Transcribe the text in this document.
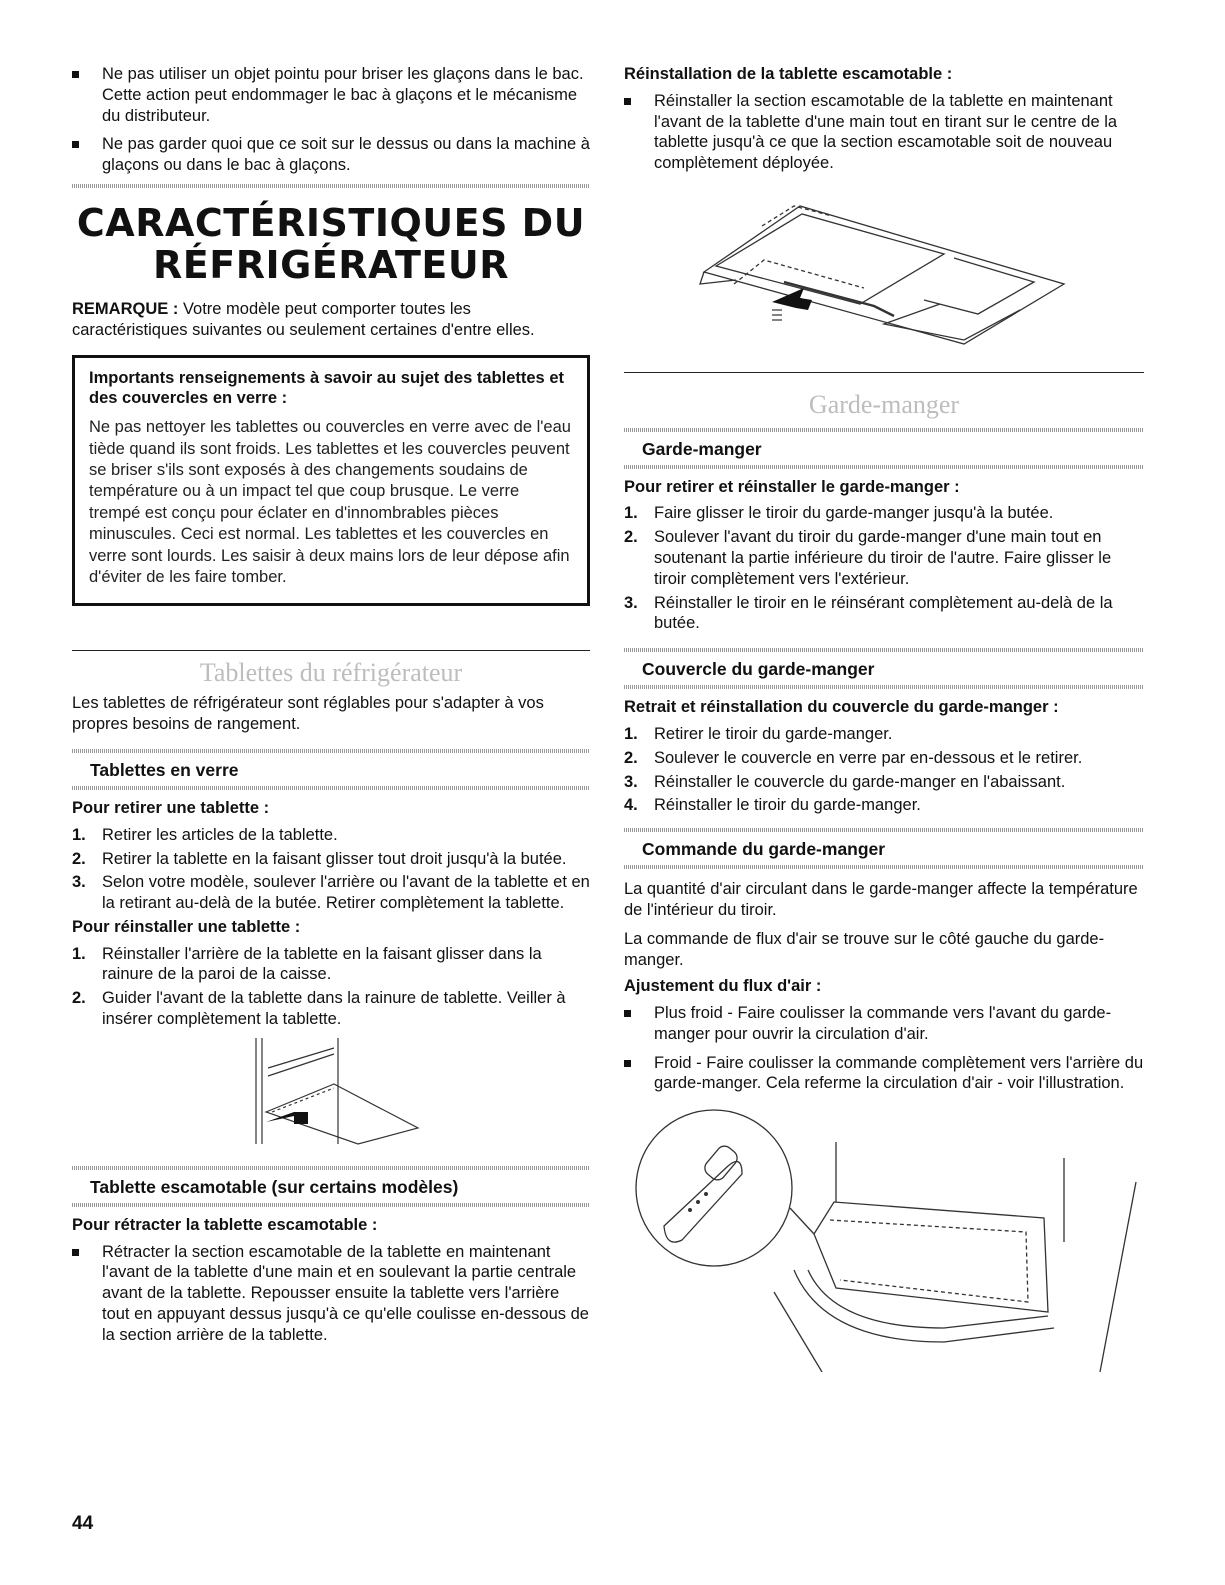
Ne pas utiliser un objet pointu pour briser les glaçons dans le bac. Cette action peut endommager le bac à glaçons et le mécanisme du distributeur.
Ne pas garder quoi que ce soit sur le dessus ou dans la machine à glaçons ou dans le bac à glaçons.
CARACTÉRISTIQUES DU
RÉFRIGÉRATEUR

REMARQUE : Votre modèle peut comporter toutes les caractéristiques suivantes ou seulement certaines d'entre elles.

Importants renseignements à savoir au sujet des tablettes et des couvercles en verre :
Ne pas nettoyer les tablettes ou couvercles en verre avec de l'eau tiède quand ils sont froids. Les tablettes et les couvercles peuvent se briser s'ils sont exposés à des changements soudains de température ou à un impact tel que coup brusque. Le verre trempé est conçu pour éclater en d'innombrables pièces minuscules. Ceci est normal. Les tablettes et les couvercles en verre sont lourds. Les saisir à deux mains lors de leur dépose afin d'éviter de les faire tomber.
Tablettes du réfrigérateur

Les tablettes de réfrigérateur sont réglables pour s'adapter à vos propres besoins de rangement.

Tablettes en verre
Pour retirer une tablette :
1. Retirer les articles de la tablette.
2. Retirer la tablette en la faisant glisser tout droit jusqu'à la butée.
3. Selon votre modèle, soulever l'arrière ou l'avant de la tablette et en la retirant au-delà de la butée. Retirer complètement la tablette.
Pour réinstaller une tablette :
1. Réinstaller l'arrière de la tablette en la faisant glisser dans la rainure de la paroi de la caisse.
2. Guider l'avant de la tablette dans la rainure de tablette. Veiller à insérer complètement la tablette.
Tablette escamotable (sur certains modèles)
Pour rétracter la tablette escamotable :
Rétracter la section escamotable de la tablette en maintenant l'avant de la tablette d'une main et en soulevant la partie centrale avant de la tablette. Repousser ensuite la tablette vers l'arrière tout en appuyant dessus jusqu'à ce qu'elle coulisse en-dessous de la section arrière de la tablette.
Réinstallation de la tablette escamotable :
Réinstaller la section escamotable de la tablette en maintenant l'avant de la tablette d'une main tout en tirant sur le centre de la tablette jusqu'à ce que la section escamotable soit de nouveau complètement déployée.
Garde-manger
Garde-manger
Pour retirer et réinstaller le garde-manger :
1. Faire glisser le tiroir du garde-manger jusqu'à la butée.
2. Soulever l'avant du tiroir du garde-manger d'une main tout en soutenant la partie inférieure du tiroir de l'autre. Faire glisser le tiroir complètement vers l'extérieur.
3. Réinstaller le tiroir en le réinsérant complètement au-delà de la butée.
Couvercle du garde-manger
Retrait et réinstallation du couvercle du garde-manger :
1. Retirer le tiroir du garde-manger.
2. Soulever le couvercle en verre par en-dessous et le retirer.
3. Réinstaller le couvercle du garde-manger en l'abaissant.
4. Réinstaller le tiroir du garde-manger.
Commande du garde-manger

La quantité d'air circulant dans le garde-manger affecte la température de l'intérieur du tiroir.

La commande de flux d'air se trouve sur le côté gauche du garde-manger.

Ajustement du flux d'air :
Plus froid - Faire coulisser la commande vers l'avant du garde-manger pour ouvrir la circulation d'air.
Froid - Faire coulisser la commande complètement vers l'arrière du garde-manger. Cela referme la circulation d'air - voir l'illustration.
44
